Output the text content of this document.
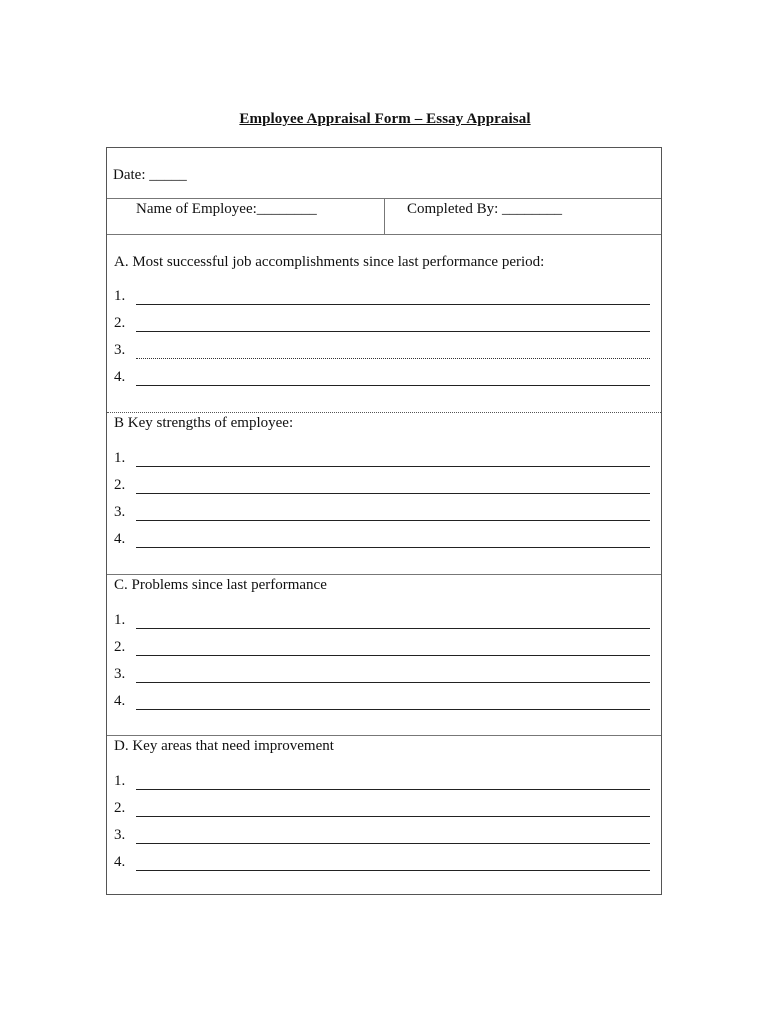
Employee Appraisal Form – Essay Appraisal
Date: _____
Name of Employee:________	Completed By: ________
A. Most successful job accomplishments since last performance period:
1.
2.
3.
4.
B Key strengths of employee:
1.
2.
3.
4.
C. Problems since last performance
1.
2.
3.
4.
D. Key areas that need improvement
1.
2.
3.
4.
